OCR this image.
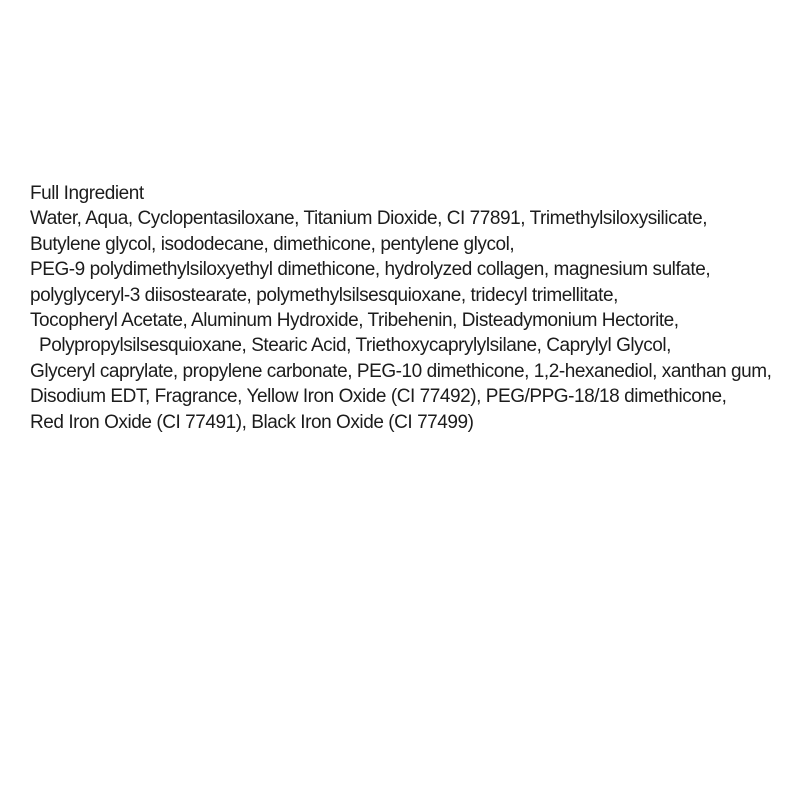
Full Ingredient
Water, Aqua, Cyclopentasiloxane, Titanium Dioxide, CI 77891, Trimethylsiloxysilicate,
Butylene glycol, isododecane, dimethicone, pentylene glycol,
PEG-9 polydimethylsiloxyethyl dimethicone, hydrolyzed collagen, magnesium sulfate,
polyglyceryl-3 diisostearate, polymethylsilsesquioxane, tridecyl trimellitate,
Tocopheryl Acetate, Aluminum Hydroxide, Tribehenin, Disteadymonium Hectorite,
Polypropylsilsesquioxane, Stearic Acid, Triethoxycaprylylsilane, Caprylyl Glycol,
Glyceryl caprylate, propylene carbonate, PEG-10 dimethicone, 1,2-hexanediol, xanthan gum,
Disodium EDT, Fragrance, Yellow Iron Oxide (CI 77492), PEG/PPG-18/18 dimethicone,
Red Iron Oxide (CI 77491), Black Iron Oxide (CI 77499)
